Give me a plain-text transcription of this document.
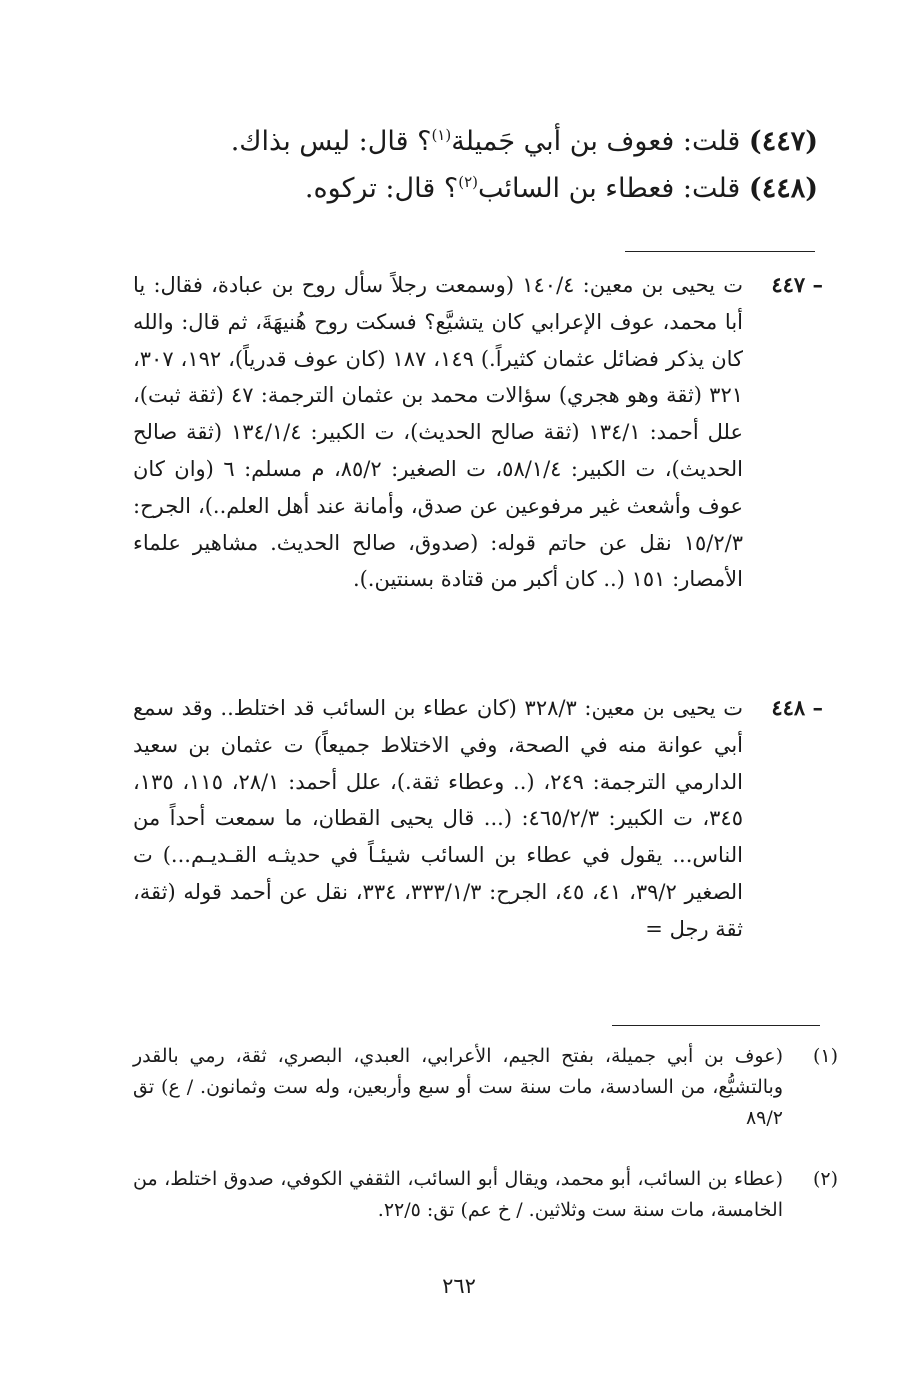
(٤٤٧) قلت: فعوف بن أبي جَميلة$^{(١)}$؟ قال: ليس بذاك.
(٤٤٨) قلت: فعطاء بن السائب$^{(٢)}$؟ قال: تركوه.
٤٤٧ –
ت يحيى بن معين: ١٤٠/٤ (وسمعت رجلاً سأل روح بن عبادة، فقال: يا أبا محمد، عوف الإعرابي كان يتشيَّع؟ فسكت روح هُنيهَةَ، ثم قال: والله كان يذكر فضائل عثمان كثيراً.) ١٤٩، ١٨٧ (كان عوف قدرياً)، ١٩٢، ٣٠٧، ٣٢١ (ثقة وهو هجري) سؤالات محمد بن عثمان الترجمة: ٤٧ (ثقة ثبت)، علل أحمد: ١٣٤/١ (ثقة صالح الحديث)، ت الكبير: ١٣٤/١/٤ (ثقة صالح الحديث)، ت الكبير: ٥٨/١/٤، ت الصغير: ٨٥/٢، م مسلم: ٦ (وان كان عوف وأشعث غير مرفوعين عن صدق، وأمانة عند أهل العلم..)، الجرح: ١٥/٢/٣ نقل عن حاتم قوله: (صدوق، صالح الحديث. مشاهير علماء الأمصار: ١٥١ (.. كان أكبر من قتادة بسنتين.).
٤٤٨ –
ت يحيى بن معين: ٣٢٨/٣ (كان عطاء بن السائب قد اختلط.. وقد سمع أبي عوانة منه في الصحة، وفي الاختلاط جميعاً) ت عثمان بن سعيد الدارمي الترجمة: ٢٤٩، (.. وعطاء ثقة.)، علل أحمد: ٢٨/١، ١١٥، ١٣٥، ٣٤٥، ت الكبير: ٤٦٥/٢/٣: (... قال يحيى القطان، ما سمعت أحداً من الناس... يقول في عطاء بن السائب شيئـاً في حديثـه القـديـم...) ت الصغير ٣٩/٢، ٤١، ٤٥، الجرح: ٣٣٣/١/٣، ٣٣٤، نقل عن أحمد قوله (ثقة، ثقة رجل =
(١)
(عوف بن أبي جميلة، بفتح الجيم، الأعرابي، العبدي، البصري، ثقة، رمي بالقدر وبالتشيُّع، من السادسة، مات سنة ست أو سبع وأربعين، وله ست وثمانون. / ع) تق ٨٩/٢
(٢)
(عطاء بن السائب، أبو محمد، ويقال أبو السائب، الثقفي الكوفي، صدوق اختلط، من الخامسة، مات سنة ست وثلاثين. / خ عم) تق: ٢٢/٥.
٢٦٢
